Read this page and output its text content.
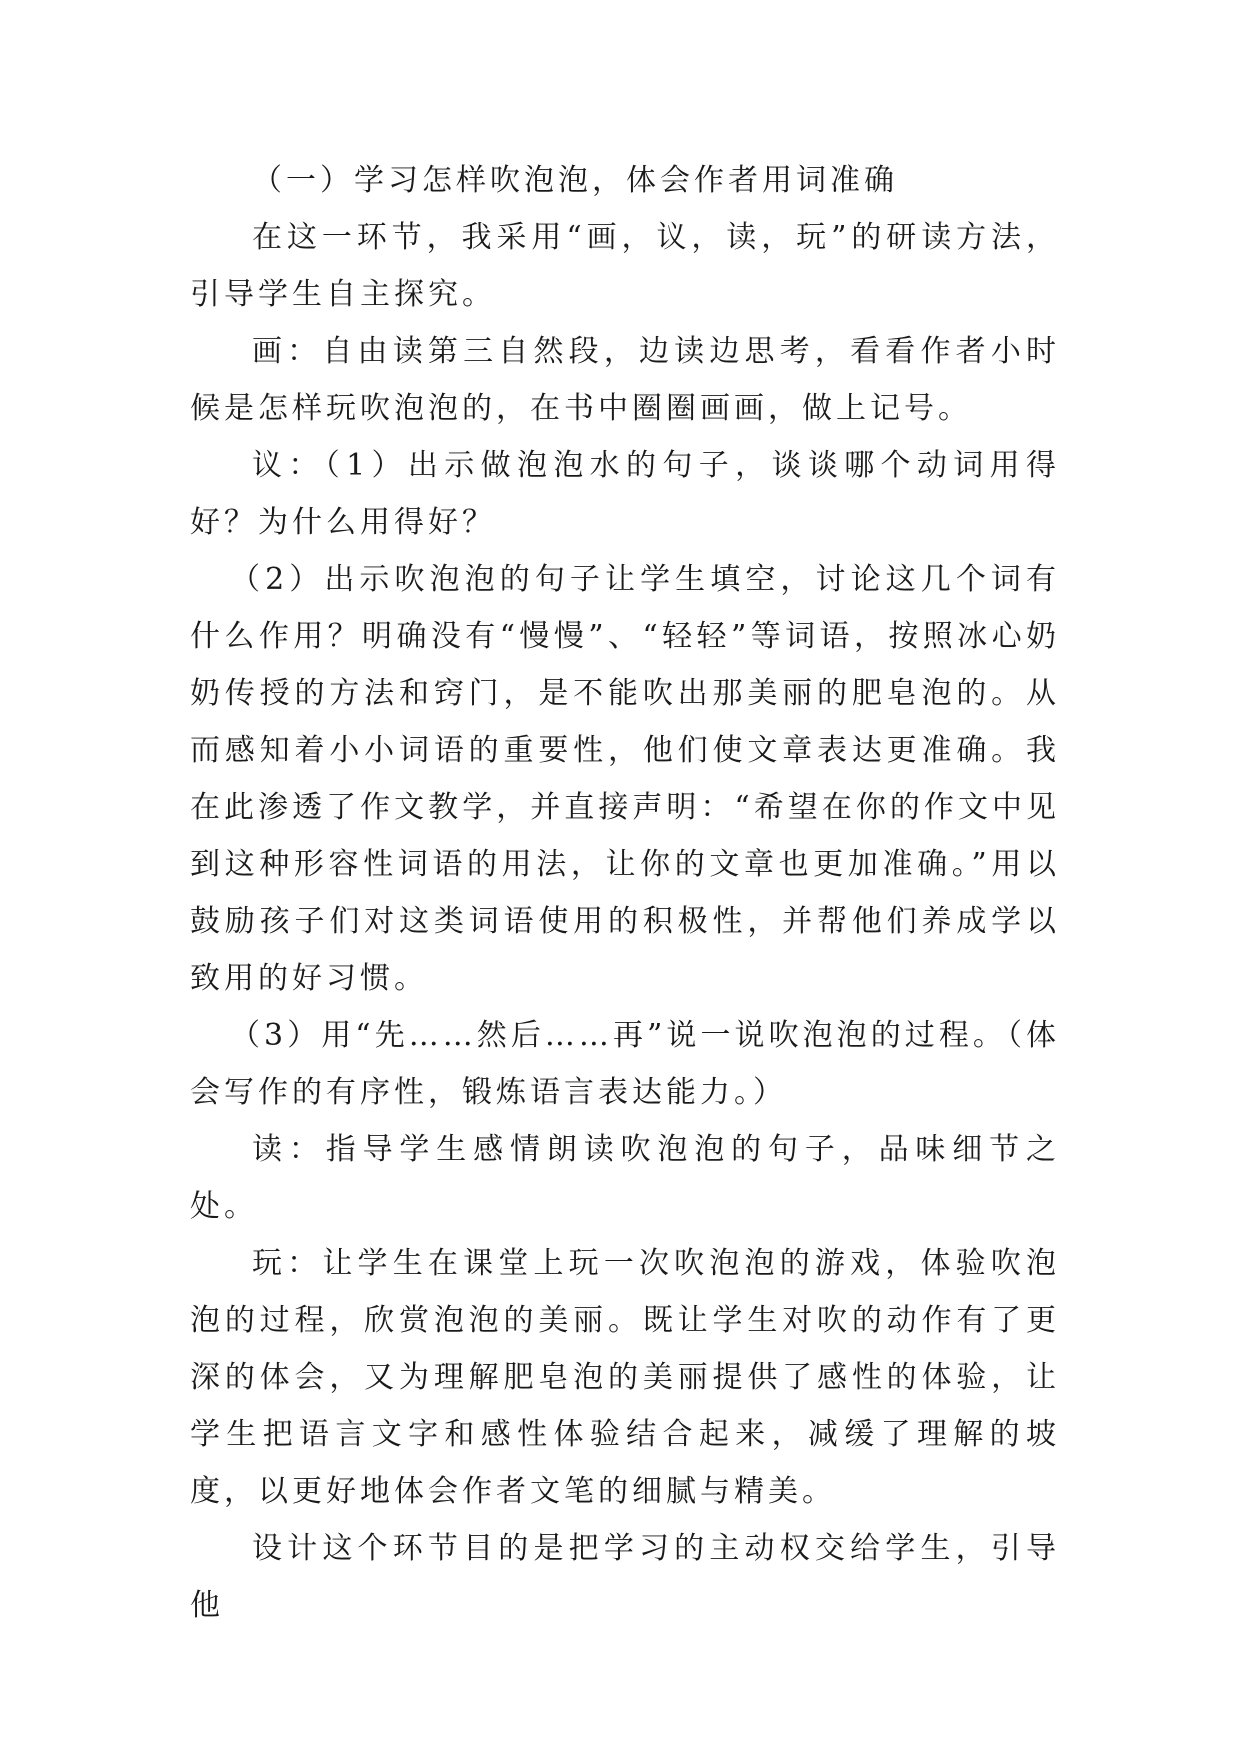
（一）学习怎样吹泡泡，体会作者用词准确

在这一环节，我采用“画，议，读，玩”的研读方法，引导学生自主探究。

画：自由读第三自然段，边读边思考，看看作者小时候是怎样玩吹泡泡的，在书中圈圈画画，做上记号。

议：（1）出示做泡泡水的句子，谈谈哪个动词用得好？为什么用得好？

（2）出示吹泡泡的句子让学生填空，讨论这几个词有什么作用？明确没有“慢慢”、“轻轻”等词语，按照冰心奶奶传授的方法和窍门，是不能吹出那美丽的肥皂泡的。从而感知着小小词语的重要性，他们使文章表达更准确。我在此渗透了作文教学，并直接声明：“希望在你的作文中见到这种形容性词语的用法，让你的文章也更加准确。”用以鼓励孩子们对这类词语使用的积极性，并帮他们养成学以致用的好习惯。

（3）用“先……然后……再”说一说吹泡泡的过程。（体会写作的有序性，锻炼语言表达能力。）

读：指导学生感情朗读吹泡泡的句子，品味细节之处。

玩：让学生在课堂上玩一次吹泡泡的游戏，体验吹泡泡的过程，欣赏泡泡的美丽。既让学生对吹的动作有了更深的体会，又为理解肥皂泡的美丽提供了感性的体验，让学生把语言文字和感性体验结合起来，减缓了理解的坡度，以更好地体会作者文笔的细腻与精美。

设计这个环节目的是把学习的主动权交给学生，引导他
